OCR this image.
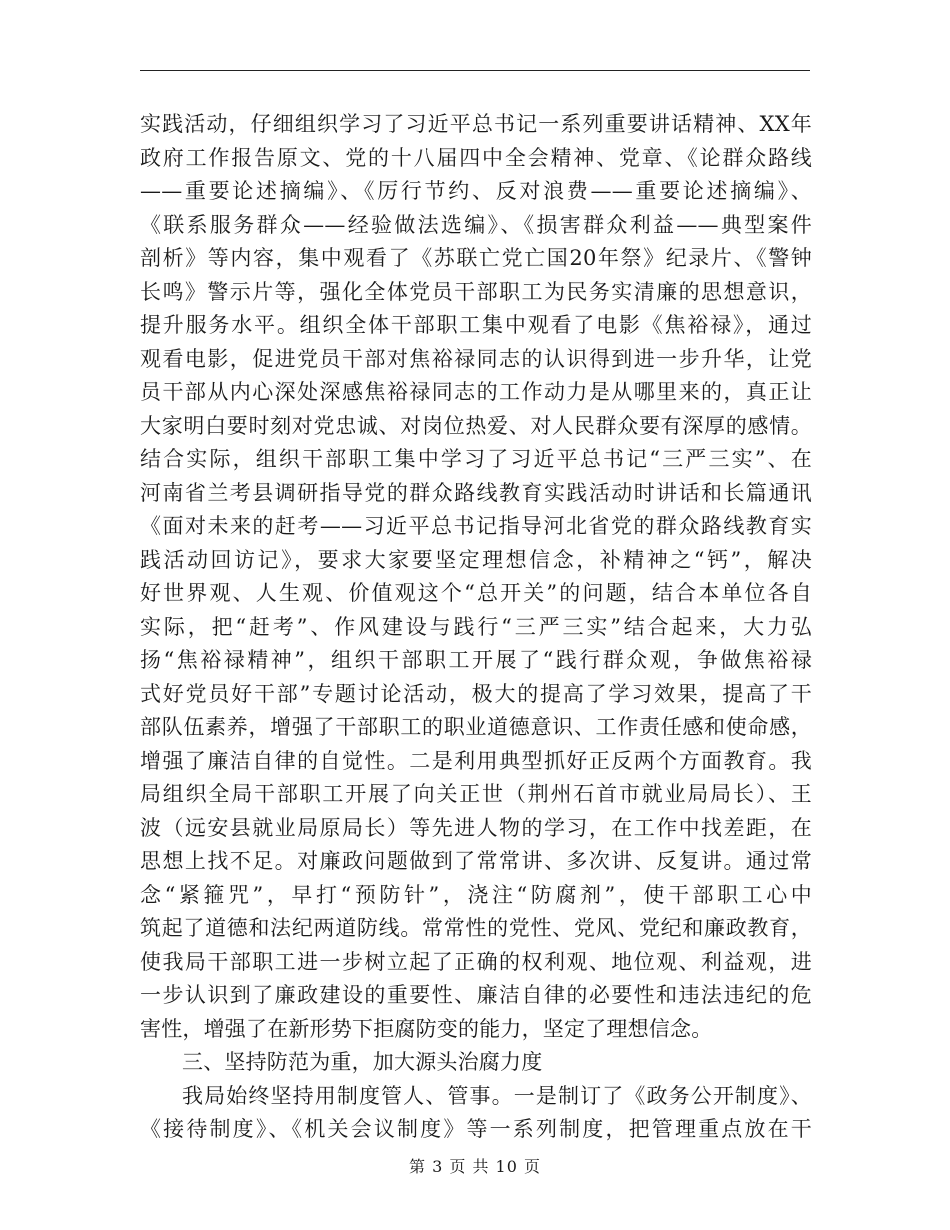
实践活动，仔细组织学习了习近平总书记一系列重要讲话精神、XX年
政府工作报告原文、党的十八届四中全会精神、党章、《论群众路线
——重要论述摘编》、《厉行节约、反对浪费——重要论述摘编》、
《联系服务群众——经验做法选编》、《损害群众利益——典型案件
剖析》等内容，集中观看了《苏联亡党亡国20年祭》纪录片、《警钟
长鸣》警示片等，强化全体党员干部职工为民务实清廉的思想意识，
提升服务水平。组织全体干部职工集中观看了电影《焦裕禄》，通过
观看电影，促进党员干部对焦裕禄同志的认识得到进一步升华，让党
员干部从内心深处深感焦裕禄同志的工作动力是从哪里来的，真正让
大家明白要时刻对党忠诚、对岗位热爱、对人民群众要有深厚的感情。
结合实际，组织干部职工集中学习了习近平总书记“三严三实”、在
河南省兰考县调研指导党的群众路线教育实践活动时讲话和长篇通讯
《面对未来的赶考——习近平总书记指导河北省党的群众路线教育实
践活动回访记》，要求大家要坚定理想信念，补精神之“钙”，解决
好世界观、人生观、价值观这个“总开关”的问题，结合本单位各自
实际，把“赶考”、作风建设与践行“三严三实”结合起来，大力弘
扬“焦裕禄精神”，组织干部职工开展了“践行群众观，争做焦裕禄
式好党员好干部”专题讨论活动，极大的提高了学习效果，提高了干
部队伍素养，增强了干部职工的职业道德意识、工作责任感和使命感，
增强了廉洁自律的自觉性。二是利用典型抓好正反两个方面教育。我
局组织全局干部职工开展了向关正世（荆州石首市就业局局长）、王
波（远安县就业局原局长）等先进人物的学习，在工作中找差距，在
思想上找不足。对廉政问题做到了常常讲、多次讲、反复讲。通过常
念“紧箍咒”，早打“预防针”，浇注“防腐剂”，使干部职工心中
筑起了道德和法纪两道防线。常常性的党性、党风、党纪和廉政教育，
使我局干部职工进一步树立起了正确的权利观、地位观、利益观，进
一步认识到了廉政建设的重要性、廉洁自律的必要性和违法违纪的危
害性，增强了在新形势下拒腐防变的能力，坚定了理想信念。
三、坚持防范为重，加大源头治腐力度
我局始终坚持用制度管人、管事。一是制订了《政务公开制度》、
《接待制度》、《机关会议制度》等一系列制度，把管理重点放在干
第 3 页 共 10 页
